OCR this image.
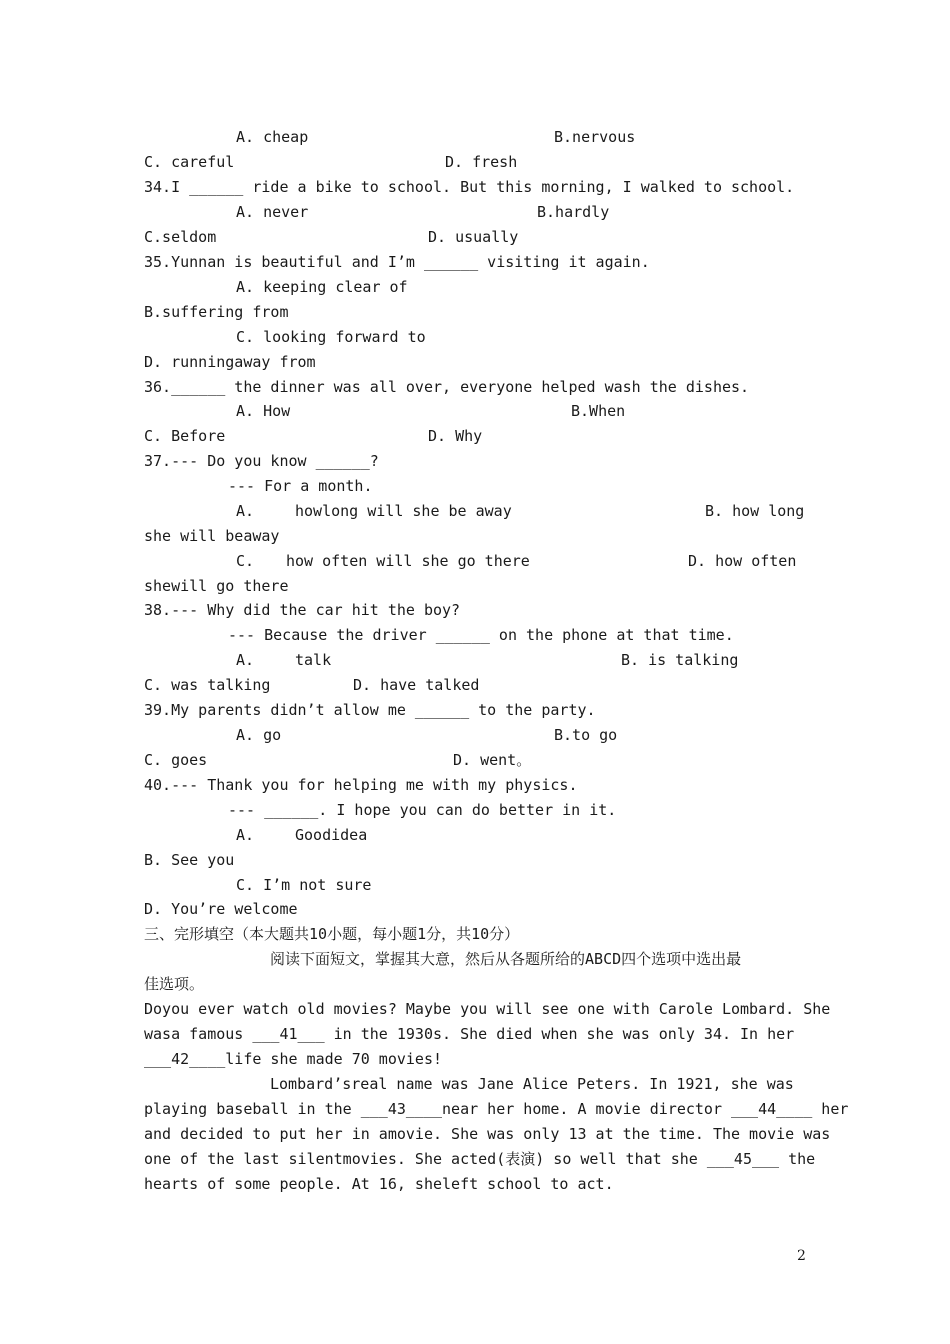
A. cheap	B.nervous
C. careful	D. fresh
34.I ______ ride a bike to school. But this morning, I walked to school.
A. never	B.hardly
C.seldom	D. usually
35.Yunnan is beautiful and I’m ______ visiting it again.
A. keeping clear of
B.suffering from
C. looking forward to
D. runningaway from
36.______ the dinner was all over, everyone helped wash the dishes.
A. How	B.When
C. Before	D. Why
37.--- Do you know ______?
--- For a month.
A.	howlong will she be away	B. how long
she will beaway
C. how often will she go there	D. how often
shewill go there
38.--- Why did the car hit the boy?
--- Because the driver ______ on the phone at that time.
A.	talk	B. is talking
C. was talking	D. have talked
39.My parents didn’t allow me ______ to the party.
A. go	B.to go
C. goes	D. went。
40.--- Thank you for helping me with my physics.
--- ______. I hope you can do better in it.
A.	Goodidea
B. See you
C. I’m not sure
D. You’re welcome
三、完形填空（本大题共10小题，每小题1分，共10分）
阅读下面短文，掌握其大意，然后从各题所给的ABCD四个选项中选出最
佳选项。
Doyou ever watch old movies? Maybe you will see one with Carole Lombard. She
wasa famous ___41___ in the 1930s. She died when she was only 34. In her
___42____life she made 70 movies!
Lombard’sreal name was Jane Alice Peters. In 1921, she was
playing baseball in the ___43____near her home. A movie director ___44____ her
and decided to put her in amovie. She was only 13 at the time. The movie was
one of the last silentmovies. She acted(表演) so well that she ___45___ the
hearts of some people. At 16, sheleft school to act.
2
